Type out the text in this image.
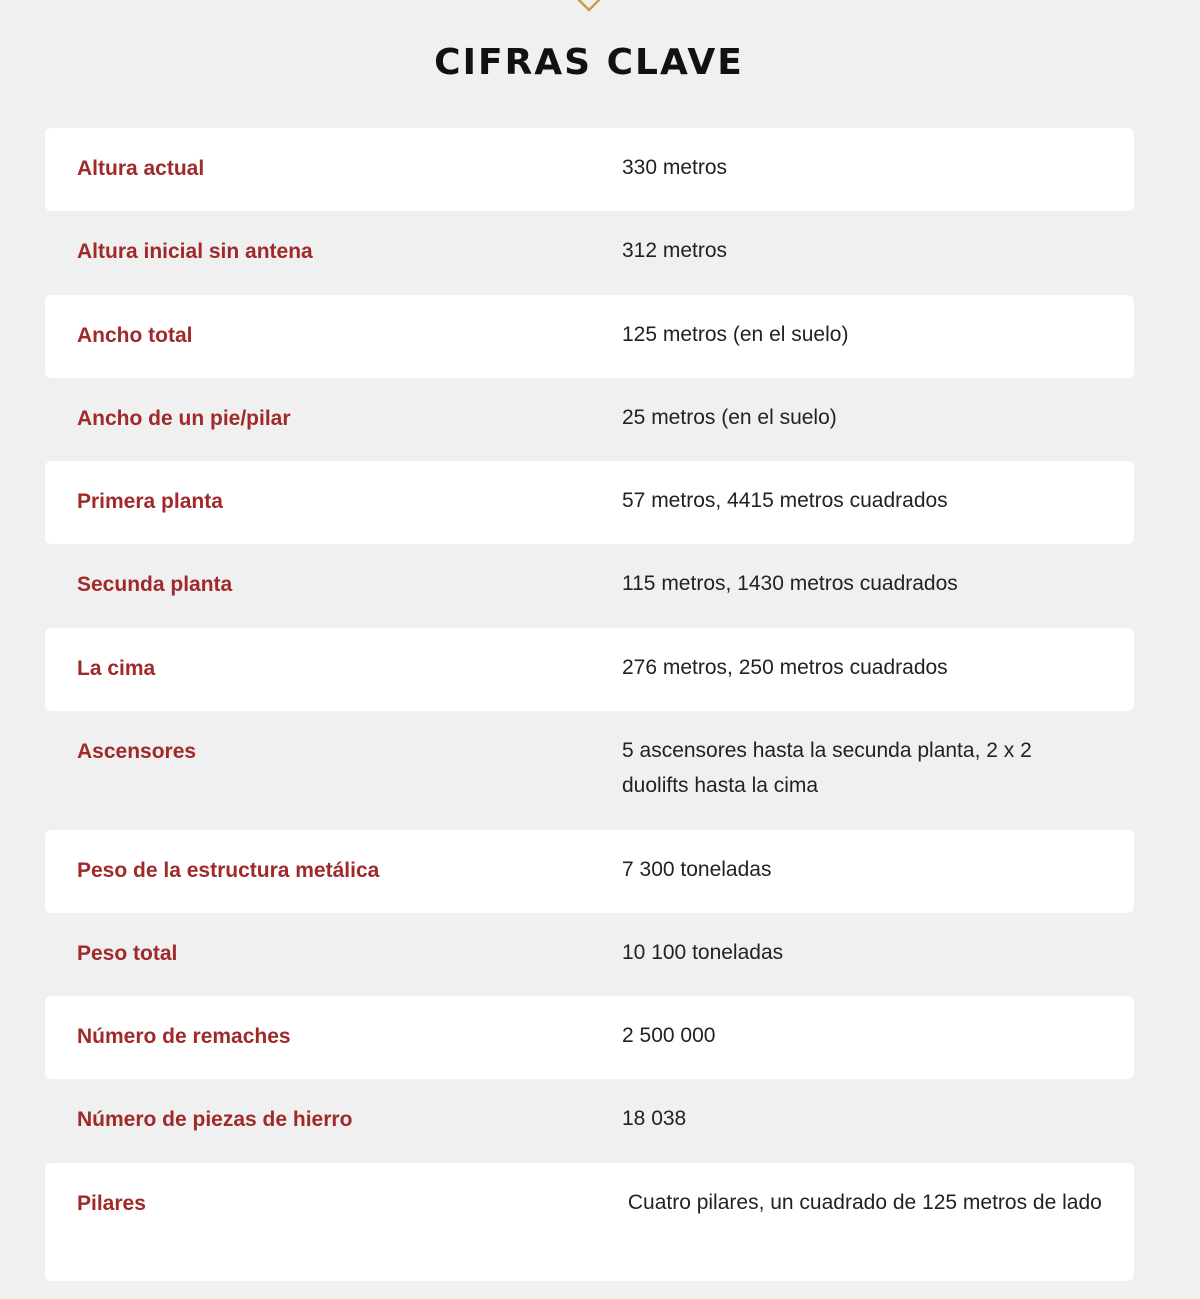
CIFRAS CLAVE
Altura actual	330 metros
Altura inicial sin antena	312 metros
Ancho total	125 metros (en el suelo)
Ancho de un pie/pilar	25 metros (en el suelo)
Primera planta	57 metros, 4415 metros cuadrados
Secunda planta	115 metros, 1430 metros cuadrados
La cima	276 metros, 250 metros cuadrados
Ascensores	5 ascensores hasta la secunda planta, 2 x 2 duolifts hasta la cima
Peso de la estructura metálica	7 300 toneladas
Peso total	10 100 toneladas
Número de remaches	2 500 000
Número de piezas de hierro	18 038
Pilares	Cuatro pilares, un cuadrado de 125 metros de lado
